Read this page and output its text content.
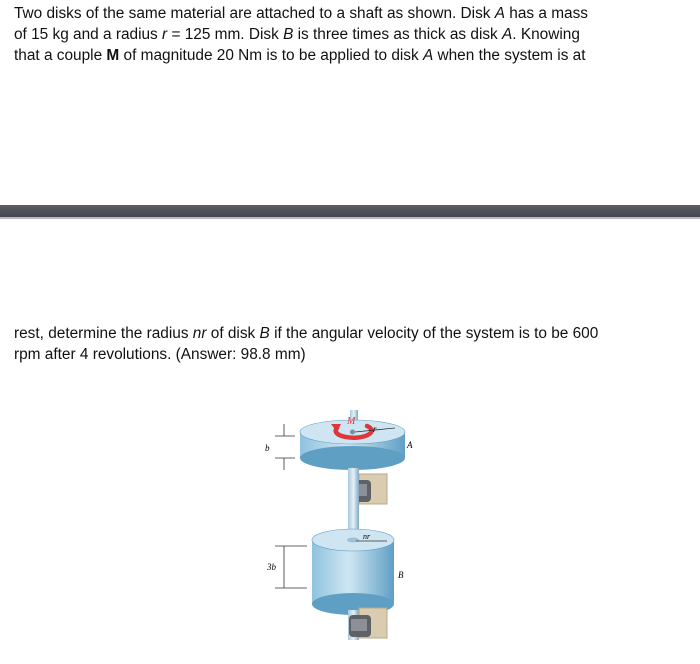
Two disks of the same material are attached to a shaft as shown. Disk A has a mass
of 15 kg and a radius r = 125 mm. Disk B is three times as thick as disk A. Knowing
that a couple M of magnitude 20 Nm is to be applied to disk A when the system is at

rest, determine the radius nr of disk B if the angular velocity of the system is to be 600
rpm after 4 revolutions. (Answer: 98.8 mm)

M
r
A
b
nr
B
3b
